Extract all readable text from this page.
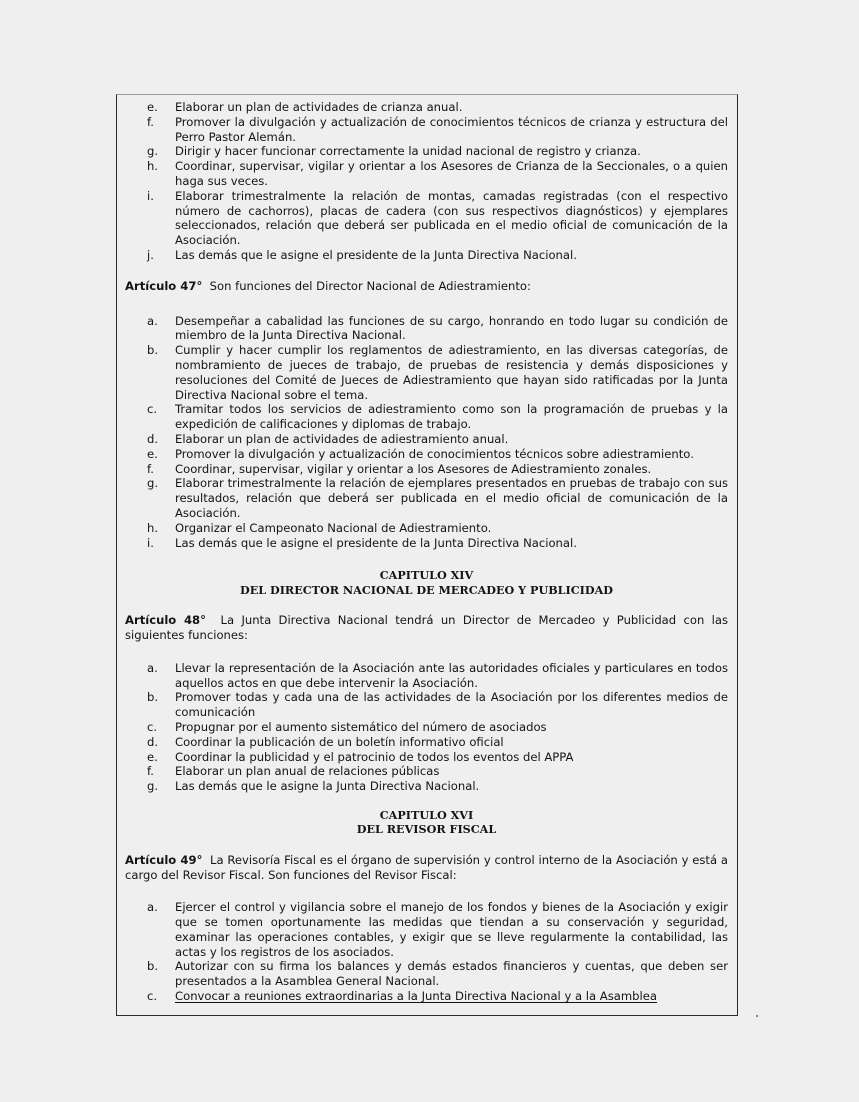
e.	Elaborar un plan de actividades de crianza anual.
f.	Promover la divulgación y actualización de conocimientos técnicos de crianza y estructura del Perro Pastor Alemán.
g.	Dirigir y hacer funcionar correctamente la unidad nacional de registro y crianza.
h.	Coordinar, supervisar, vigilar y orientar a los Asesores de Crianza de la Seccionales, o a quien haga sus veces.
i.	Elaborar trimestralmente la relación de montas, camadas registradas (con el respectivo número de cachorros), placas de cadera (con sus respectivos diagnósticos) y ejemplares seleccionados, relación que deberá ser publicada en el medio oficial de comunicación de la Asociación.
j.	Las demás que le asigne el presidente de la Junta Directiva Nacional.

Artículo 47° Son funciones del Director Nacional de Adiestramiento:

a.	Desempeñar a cabalidad las funciones de su cargo, honrando en todo lugar su condición de miembro de la Junta Directiva Nacional.
b.	Cumplir y hacer cumplir los reglamentos de adiestramiento, en las diversas categorías, de nombramiento de jueces de trabajo, de pruebas de resistencia y demás disposiciones y resoluciones del Comité de Jueces de Adiestramiento que hayan sido ratificadas por la Junta Directiva Nacional sobre el tema.
c.	Tramitar todos los servicios de adiestramiento como son la programación de pruebas y la expedición de calificaciones y diplomas de trabajo.
d.	Elaborar un plan de actividades de adiestramiento anual.
e.	Promover la divulgación y actualización de conocimientos técnicos sobre adiestramiento.
f.	Coordinar, supervisar, vigilar y orientar a los Asesores de Adiestramiento zonales.
g.	Elaborar trimestralmente la relación de ejemplares presentados en pruebas de trabajo con sus resultados, relación que deberá ser publicada en el medio oficial de comunicación de la Asociación.
h.	Organizar el Campeonato Nacional de Adiestramiento.
i.	Las demás que le asigne el presidente de la Junta Directiva Nacional.
CAPITULO XIV
DEL DIRECTOR NACIONAL DE MERCADEO Y PUBLICIDAD

Artículo 48° La Junta Directiva Nacional tendrá un Director de Mercadeo y Publicidad con las siguientes funciones:

a.	Llevar la representación de la Asociación ante las autoridades oficiales y particulares en todos aquellos actos en que debe intervenir la Asociación.
b.	Promover todas y cada una de las actividades de la Asociación por los diferentes medios de comunicación
c.	Propugnar por el aumento sistemático del número de asociados
d.	Coordinar la publicación de un boletín informativo oficial
e.	Coordinar la publicidad y el patrocinio de todos los eventos del APPA
f.	Elaborar un plan anual de relaciones públicas
g.	Las demás que le asigne la Junta Directiva Nacional.
CAPITULO XVI
DEL REVISOR FISCAL

Artículo 49° La Revisoría Fiscal es el órgano de supervisión y control interno de la Asociación y está a cargo del Revisor Fiscal. Son funciones del Revisor Fiscal:

a.	Ejercer el control y vigilancia sobre el manejo de los fondos y bienes de la Asociación y exigir que se tomen oportunamente las medidas que tiendan a su conservación y seguridad, examinar las operaciones contables, y exigir que se lleve regularmente la contabilidad, las actas y los registros de los asociados.
b.	Autorizar con su firma los balances y demás estados financieros y cuentas, que deben ser presentados a la Asamblea General Nacional.
c.	Convocar a reuniones extraordinarias a la Junta Directiva Nacional y a la Asamblea
